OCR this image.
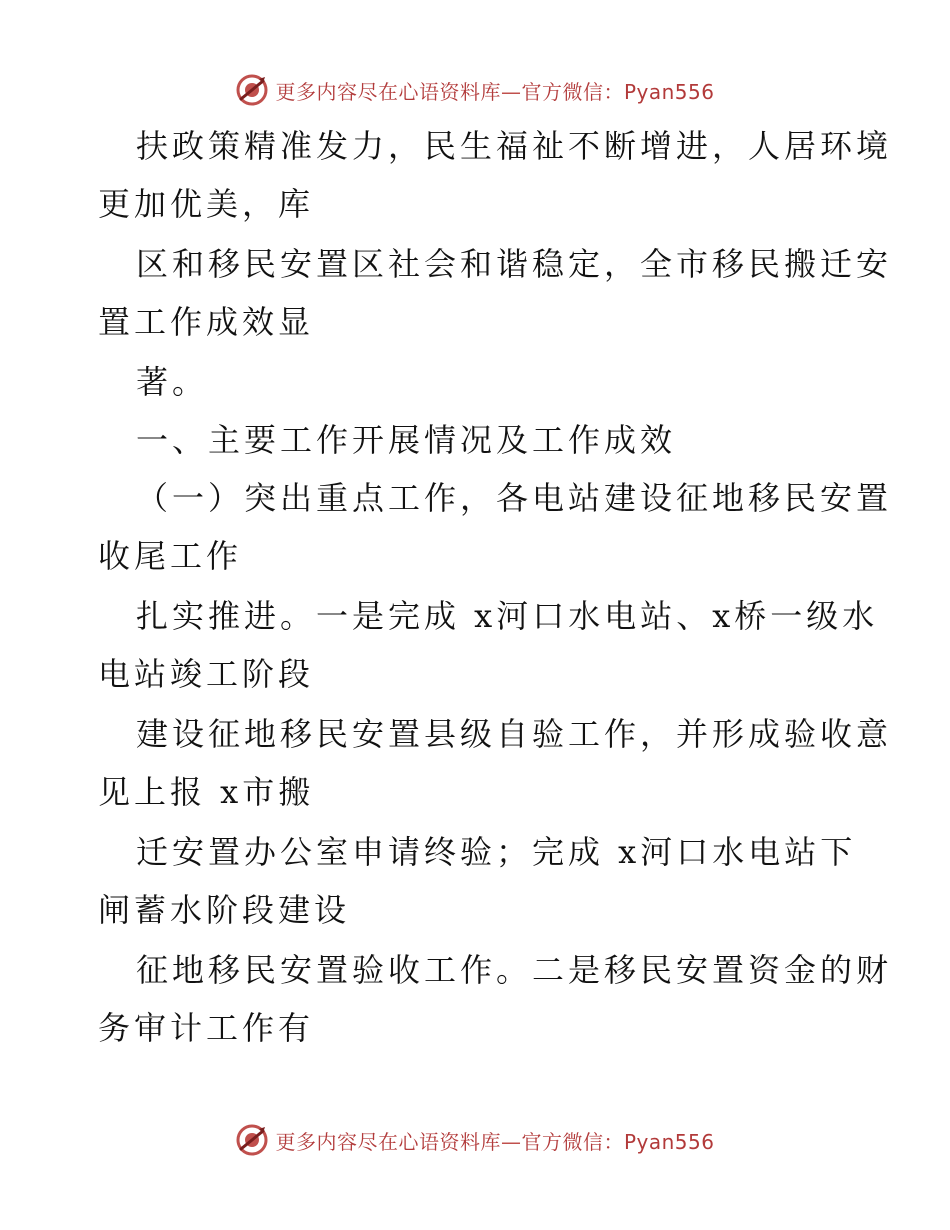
更多内容尽在心语资料库—官方微信：Pyan556
扶政策精准发力，民生福祉不断增进，人居环境
更加优美，库
区和移民安置区社会和谐稳定，全市移民搬迁安
置工作成效显
著。
一、主要工作开展情况及工作成效
（一）突出重点工作，各电站建设征地移民安置
收尾工作
扎实推进。一是完成 x河口水电站、x桥一级水
电站竣工阶段
建设征地移民安置县级自验工作，并形成验收意
见上报 x市搬
迁安置办公室申请终验；完成 x河口水电站下
闸蓄水阶段建设
征地移民安置验收工作。二是移民安置资金的财
务审计工作有
更多内容尽在心语资料库—官方微信：Pyan556
